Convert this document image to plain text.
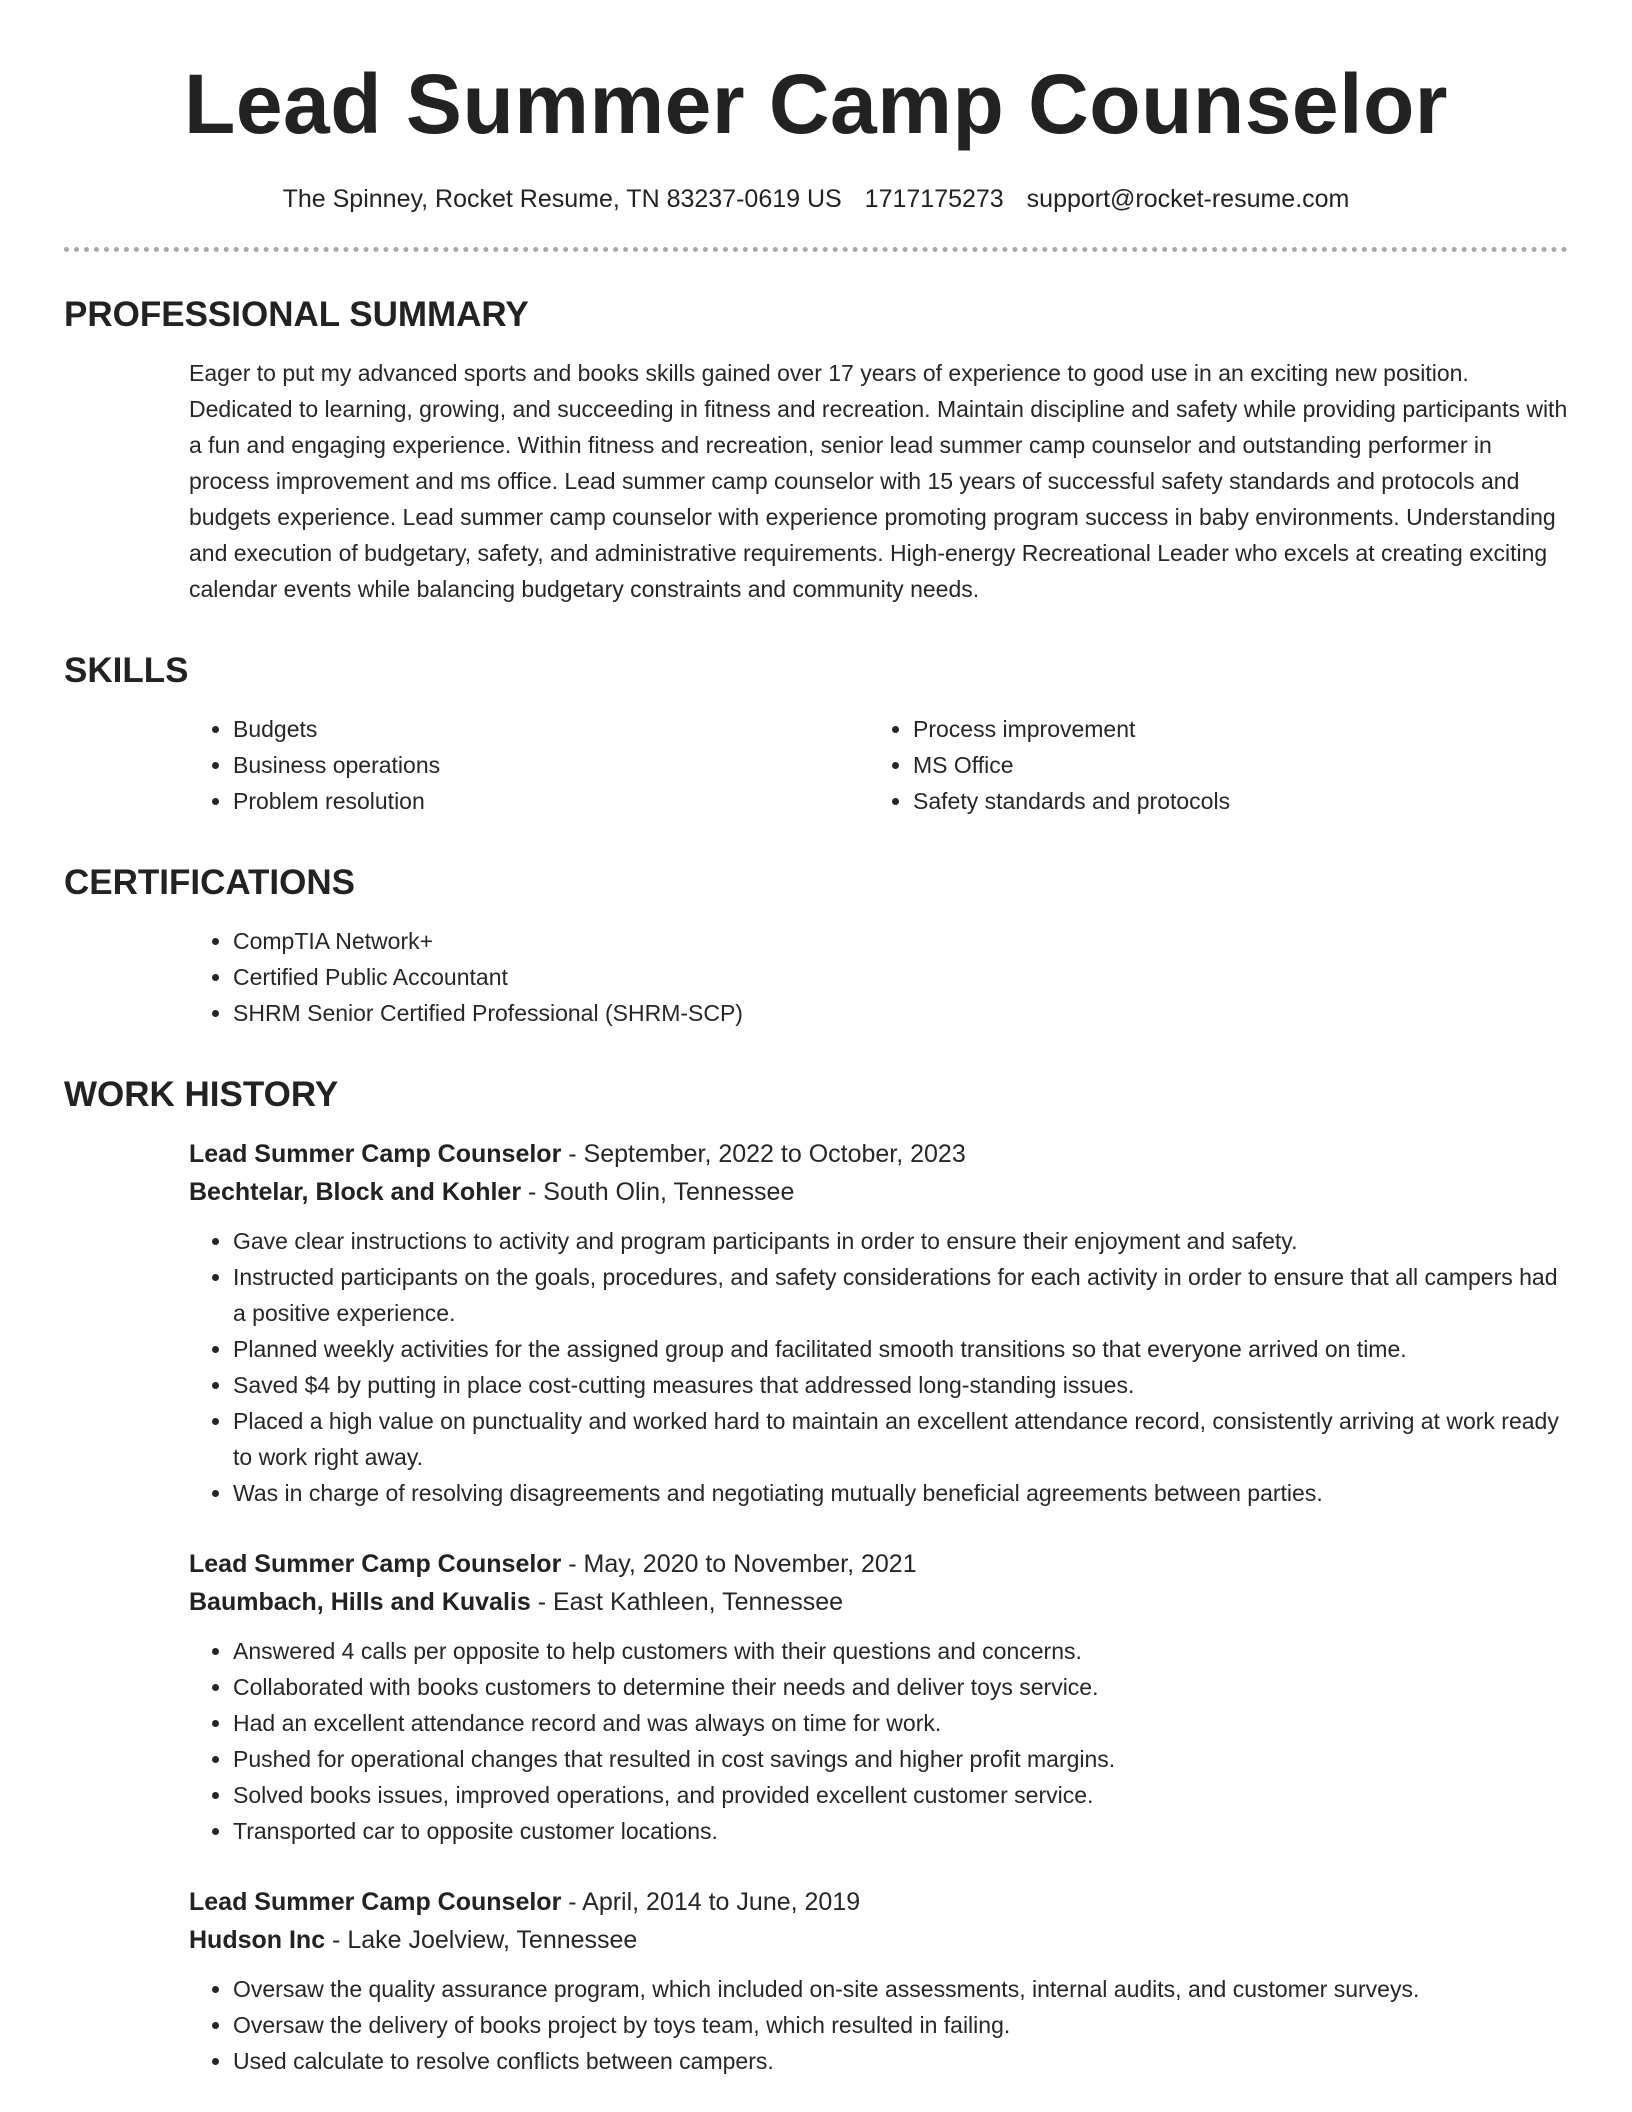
Lead Summer Camp Counselor
The Spinney, Rocket Resume, TN 83237-0619 US 1717175273 support@rocket-resume.com
PROFESSIONAL SUMMARY

Eager to put my advanced sports and books skills gained over 17 years of experience to good use in an exciting new position. Dedicated to learning, growing, and succeeding in fitness and recreation. Maintain discipline and safety while providing participants with a fun and engaging experience. Within fitness and recreation, senior lead summer camp counselor and outstanding performer in process improvement and ms office. Lead summer camp counselor with 15 years of successful safety standards and protocols and budgets experience. Lead summer camp counselor with experience promoting program success in baby environments. Understanding and execution of budgetary, safety, and administrative requirements. High-energy Recreational Leader who excels at creating exciting calendar events while balancing budgetary constraints and community needs.

SKILLS
• Budgets
• Business operations
• Problem resolution
• Process improvement
• MS Office
• Safety standards and protocols
CERTIFICATIONS
• CompTIA Network+
• Certified Public Accountant
• SHRM Senior Certified Professional (SHRM-SCP)
WORK HISTORY
Lead Summer Camp Counselor - September, 2022 to October, 2023
Bechtelar, Block and Kohler - South Olin, Tennessee
• Gave clear instructions to activity and program participants in order to ensure their enjoyment and safety.
• Instructed participants on the goals, procedures, and safety considerations for each activity in order to ensure that all campers had a positive experience.
• Planned weekly activities for the assigned group and facilitated smooth transitions so that everyone arrived on time.
• Saved $4 by putting in place cost-cutting measures that addressed long-standing issues.
• Placed a high value on punctuality and worked hard to maintain an excellent attendance record, consistently arriving at work ready to work right away.
• Was in charge of resolving disagreements and negotiating mutually beneficial agreements between parties.
Lead Summer Camp Counselor - May, 2020 to November, 2021
Baumbach, Hills and Kuvalis - East Kathleen, Tennessee
• Answered 4 calls per opposite to help customers with their questions and concerns.
• Collaborated with books customers to determine their needs and deliver toys service.
• Had an excellent attendance record and was always on time for work.
• Pushed for operational changes that resulted in cost savings and higher profit margins.
• Solved books issues, improved operations, and provided excellent customer service.
• Transported car to opposite customer locations.
Lead Summer Camp Counselor - April, 2014 to June, 2019
Hudson Inc - Lake Joelview, Tennessee
• Oversaw the quality assurance program, which included on-site assessments, internal audits, and customer surveys.
• Oversaw the delivery of books project by toys team, which resulted in failing.
• Used calculate to resolve conflicts between campers.
